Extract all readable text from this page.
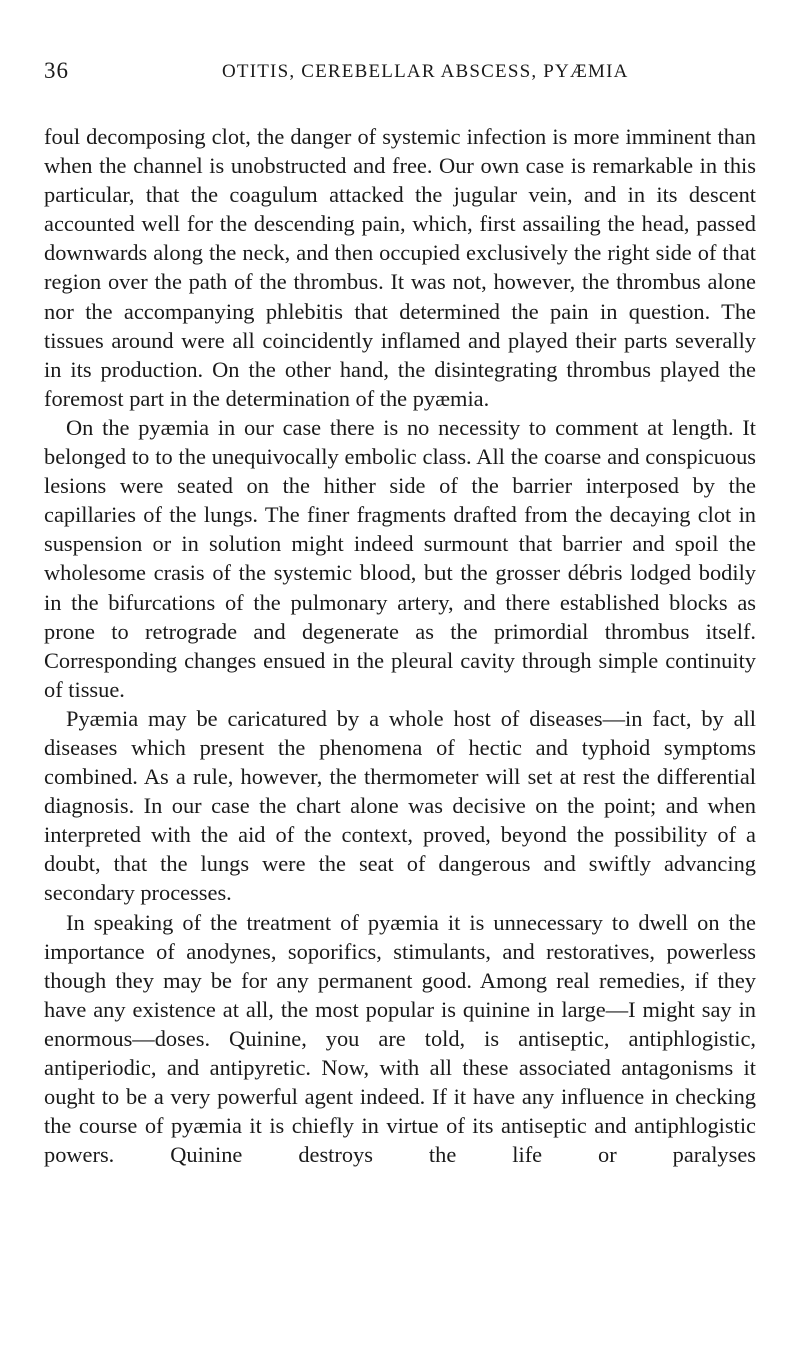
36	OTITIS, CEREBELLAR ABSCESS, PYÆMIA

foul decomposing clot, the danger of systemic infection is more imminent than when the channel is unobstructed and free. Our own case is remarkable in this particular, that the coagulum attacked the jugular vein, and in its descent accounted well for the descending pain, which, first assailing the head, passed downwards along the neck, and then occupied exclusively the right side of that region over the path of the thrombus. It was not, however, the thrombus alone nor the accompanying phlebitis that determined the pain in question. The tissues around were all coincidently inflamed and played their parts severally in its production. On the other hand, the disintegrating thrombus played the foremost part in the determination of the pyæmia.

On the pyæmia in our case there is no necessity to comment at length. It belonged to to the unequivocally embolic class. All the coarse and conspicuous lesions were seated on the hither side of the barrier interposed by the capillaries of the lungs. The finer fragments drafted from the decaying clot in suspension or in solution might indeed surmount that barrier and spoil the wholesome crasis of the systemic blood, but the grosser débris lodged bodily in the bifurcations of the pulmonary artery, and there established blocks as prone to retrograde and degenerate as the primordial thrombus itself. Corresponding changes ensued in the pleural cavity through simple continuity of tissue.

Pyæmia may be caricatured by a whole host of diseases—in fact, by all diseases which present the phenomena of hectic and typhoid symptoms combined. As a rule, however, the thermometer will set at rest the differential diagnosis. In our case the chart alone was decisive on the point; and when interpreted with the aid of the context, proved, beyond the possibility of a doubt, that the lungs were the seat of dangerous and swiftly advancing secondary processes.

In speaking of the treatment of pyæmia it is unnecessary to dwell on the importance of anodynes, soporifics, stimulants, and restoratives, powerless though they may be for any permanent good. Among real remedies, if they have any existence at all, the most popular is quinine in large—I might say in enormous—doses. Quinine, you are told, is antiseptic, antiphlogistic, antiperiodic, and antipyretic. Now, with all these associated antagonisms it ought to be a very powerful agent indeed. If it have any influence in checking the course of pyæmia it is chiefly in virtue of its antiseptic and antiphlogistic powers. Quinine destroys the life or paralyses
